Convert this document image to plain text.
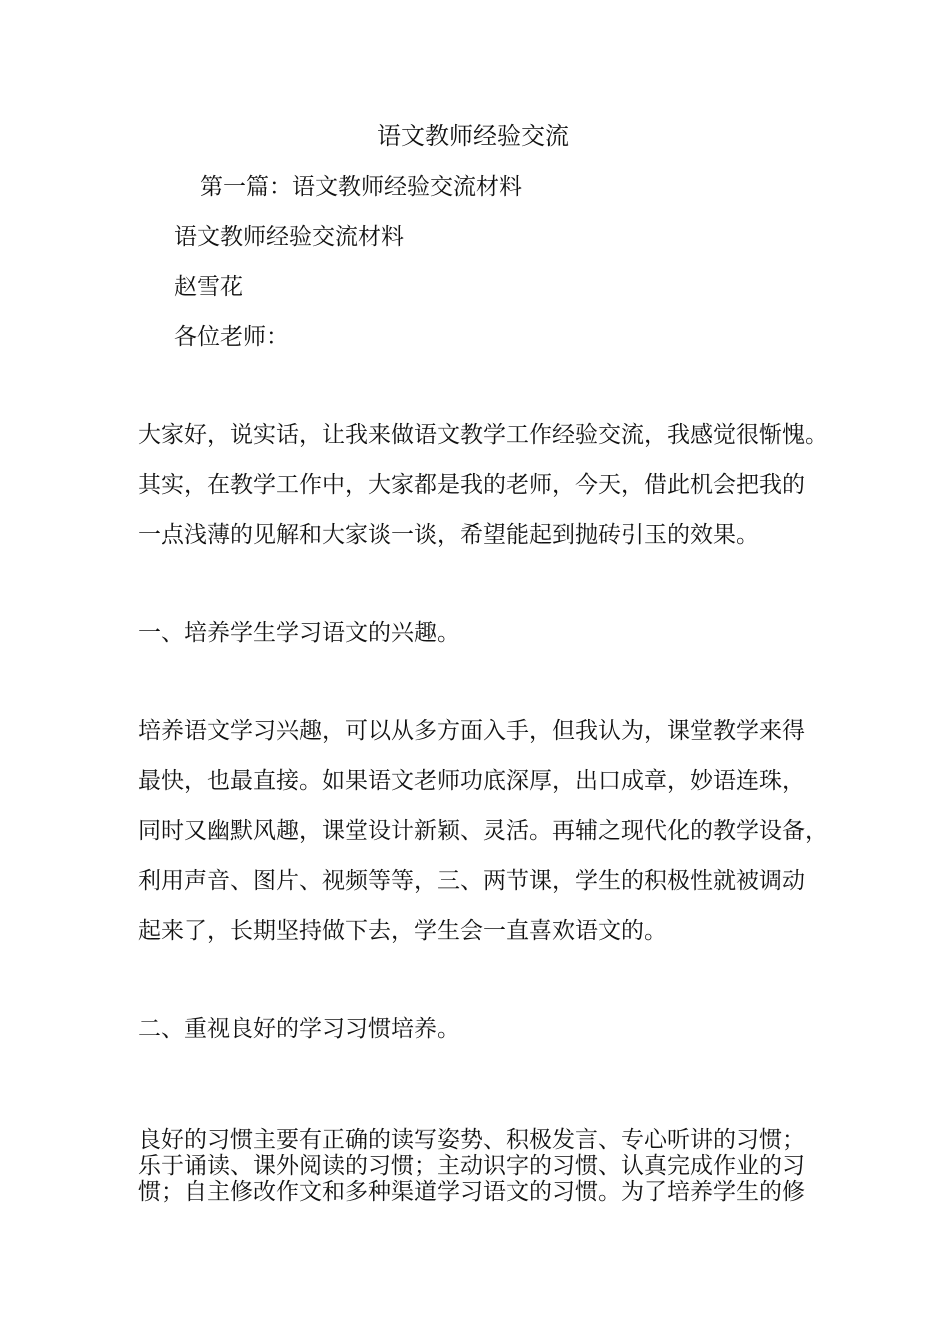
语文教师经验交流
第一篇：语文教师经验交流材料
语文教师经验交流材料
赵雪花
各位老师：
大家好，说实话，让我来做语文教学工作经验交流，我感觉很惭愧。
其实，在教学工作中，大家都是我的老师，今天，借此机会把我的
一点浅薄的见解和大家谈一谈，希望能起到抛砖引玉的效果。
一、培养学生学习语文的兴趣。
培养语文学习兴趣，可以从多方面入手，但我认为，课堂教学来得
最快，也最直接。如果语文老师功底深厚，出口成章，妙语连珠，
同时又幽默风趣，课堂设计新颖、灵活。再辅之现代化的教学设备，
利用声音、图片、视频等等，三、两节课，学生的积极性就被调动
起来了，长期坚持做下去，学生会一直喜欢语文的。
二、重视良好的学习习惯培养。
良好的习惯主要有正确的读写姿势、积极发言、专心听讲的习惯；
乐于诵读、课外阅读的习惯；主动识字的习惯、认真完成作业的习
惯；自主修改作文和多种渠道学习语文的习惯。为了培养学生的修
